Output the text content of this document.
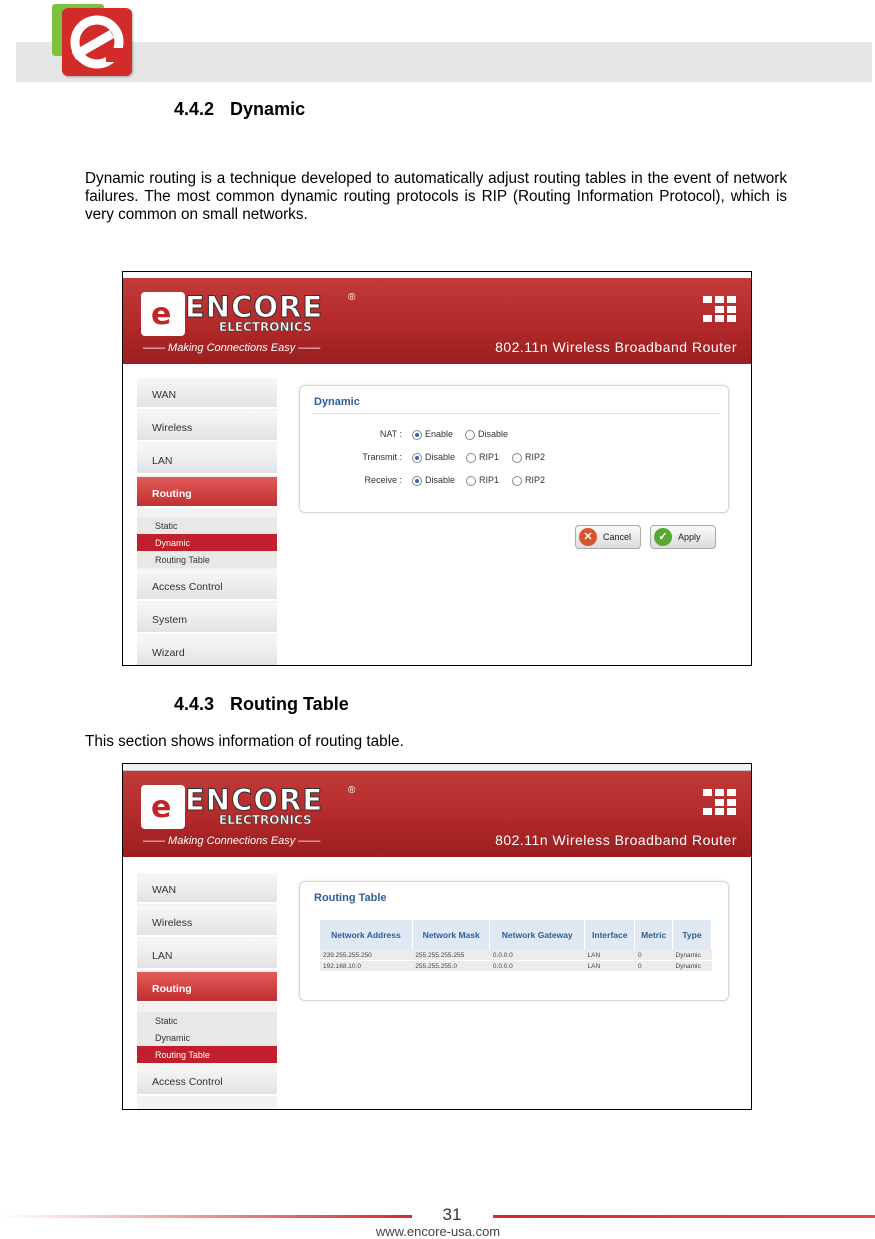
4.4.2 Dynamic
Dynamic routing is a technique developed to automatically adjust routing tables in the event of network failures. The most common dynamic routing protocols is RIP (Routing Information Protocol), which is very common on small networks.
e ENCORE
ELECTRONICS
®
—— Making Connections Easy ——	802.11n Wireless Broadband Router
WAN
Wireless
LAN
Routing
Static
Dynamic
Routing Table
Access Control
System
Wizard
Dynamic
NAT :	Enable	Disable
Transmit :	Disable	RIP1	RIP2
Receive :	Disable	RIP1	RIP2
✕	Cancel	✓	Apply
4.4.3 Routing Table
This section shows information of routing table.
e ENCORE
ELECTRONICS
®
—— Making Connections Easy ——	802.11n Wireless Broadband Router
WAN
Wireless
LAN
Routing
Static
Dynamic
Routing Table
Access Control
Routing Table
Network Address	Network Mask	Network Gateway	Interface	Metric	Type
239.255.255.250	255.255.255.255	0.0.0.0	LAN	0	Dynamic
192.168.10.0	255.255.255.0	0.0.0.0	LAN	0	Dynamic
31
www.encore-usa.com
